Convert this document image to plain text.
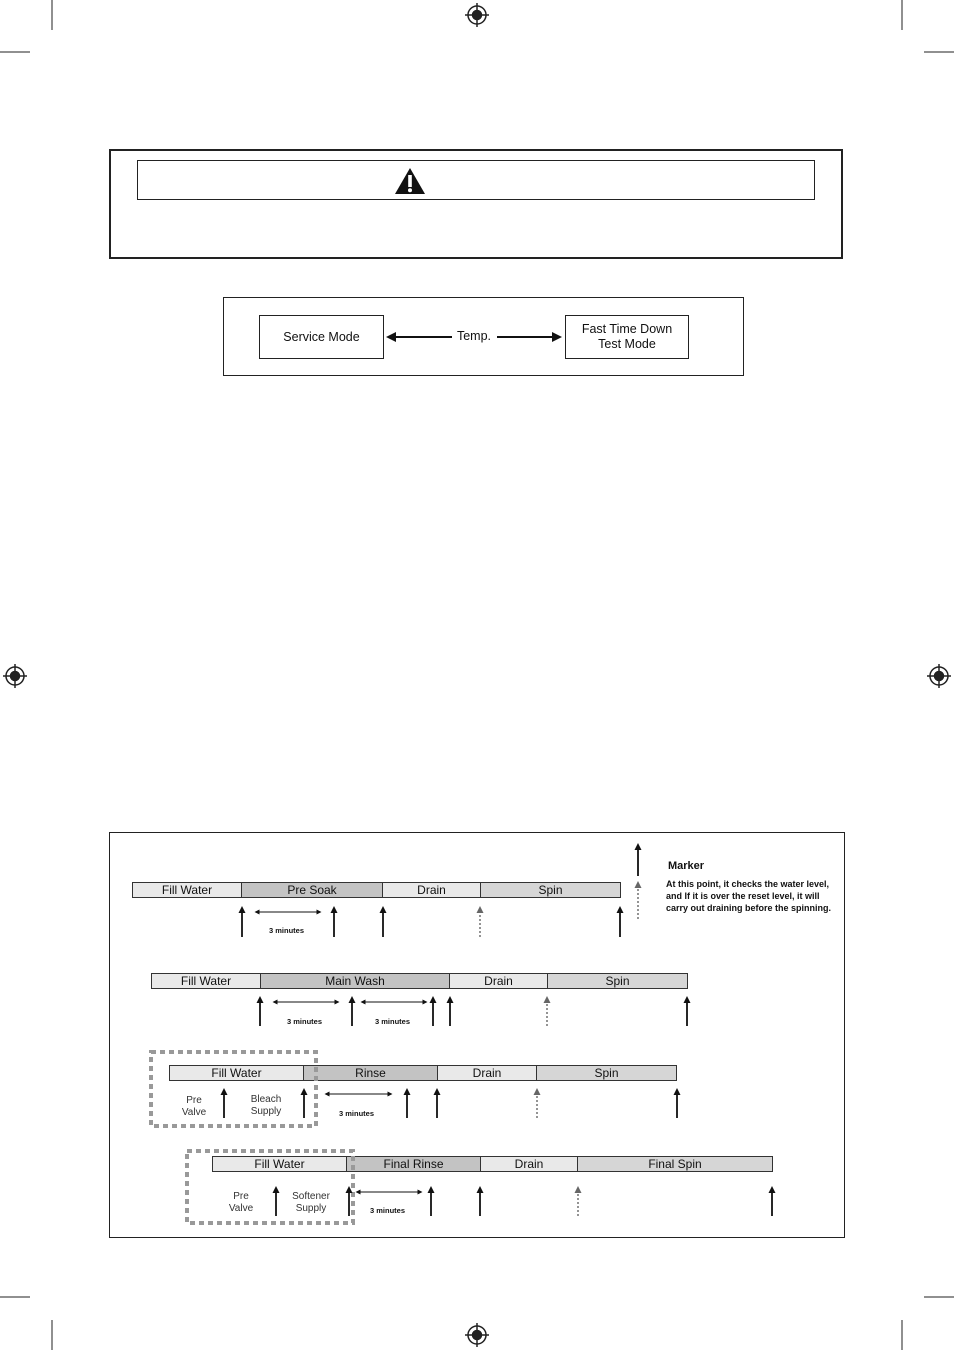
Service Mode
Fast Time Down
Test Mode
Temp.
Fill Water	Pre Soak	Drain	Spin
3 minutes
Fill Water	Main Wash	Drain	Spin
3 minutes	3 minutes
Fill Water	Rinse	Drain	Spin
Pre
Valve
Bleach
Supply	3 minutes
Fill Water	Final Rinse	Drain	Final Spin
Pre
Valve
Softener
Supply	3 minutes
Marker
At this point, it checks the water level, and If it is over the reset level, it will carry out draining before the spinning.
